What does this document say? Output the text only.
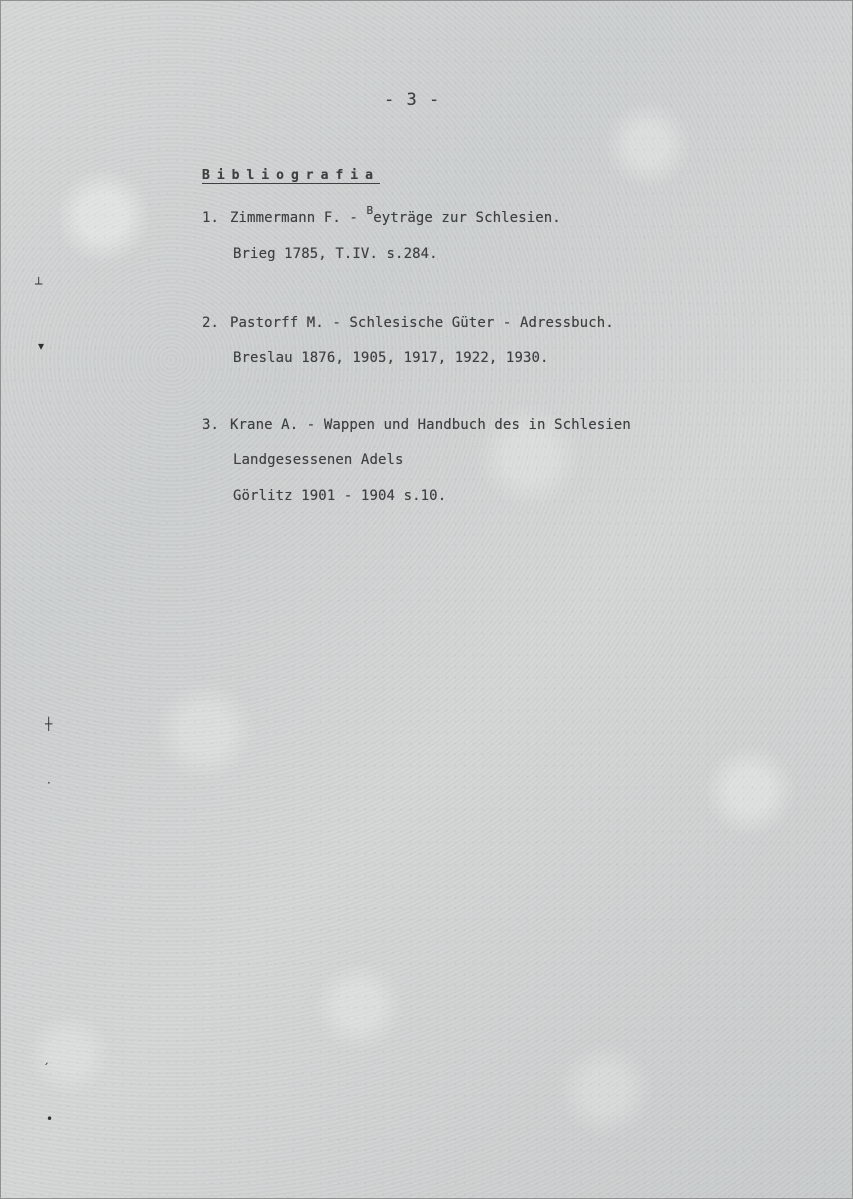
- 3 -
Bibliografia
1. Zimmermann F. - $^B$eyträge zur Schlesien.
Brieg 1785, T.IV. s.284.
2. Pastorff M. - Schlesische Güter - Adressbuch.
Breslau 1876, 1905, 1917, 1922, 1930.
3. Krane A. - Wappen und Handbuch des in Schlesien
Landgesessenen Adels
Görlitz 1901 - 1904 s.10.
┴
▾
┼
·
ˏ
•
